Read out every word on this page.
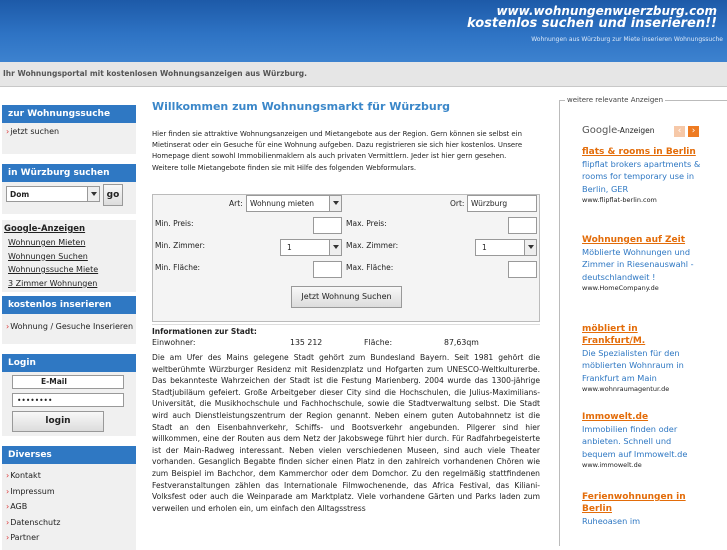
www.wohnungenwuerzburg.com
kostenlos suchen und inserieren!!
Wohnungen aus Würzburg zur Miete inserieren Wohnungssuche
Ihr Wohnungsportal mit kostenlosen Wohnungsanzeigen aus Würzburg.
zur Wohnungssuche
›jetzt suchen
in Würzburg suchen
Dom	go
Google-Anzeigen
Wohnungen Mieten
Wohnungen Suchen
Wohnungssuche Miete
3 Zimmer Wohnungen
kostenlos inserieren
›Wohnung / Gesuche Inserieren
Login
E-Mail
••••••••
login
Diverses
›Kontakt
›Impressum
›AGB
›Datenschutz
›Partner
Willkommen zum Wohnungsmarkt für Würzburg
Hier finden sie attraktive Wohnungsanzeigen und Mietangebote aus der Region. Gern können sie selbst ein Mietinserat oder ein Gesuche für eine Wohnung aufgeben. Dazu registrieren sie sich hier kostenlos. Unsere Homepage dient sowohl Immobilienmaklern als auch privaten Vermittlern. Jeder ist hier gern gesehen.
Weitere tolle Mietangebote finden sie mit Hilfe des folgenden Webformulars.
Art: Wohnung mieten	Ort: Würzburg
Min. Preis:	Max. Preis:
Min. Zimmer:	1	Max. Zimmer:	1
Min. Fläche:	Max. Fläche:
Jetzt Wohnung Suchen
Informationen zur Stadt:
Einwohner:	135 212	Fläche:	87,63qm
Die am Ufer des Mains gelegene Stadt gehört zum Bundesland Bayern. Seit 1981 gehört die weltberühmte Würzburger Residenz mit Residenzplatz und Hofgarten zum UNESCO-Weltkulturerbe. Das bekannteste Wahrzeichen der Stadt ist die Festung Marienberg. 2004 wurde das 1300-jährige Stadtjubiläum gefeiert. Große Arbeitgeber dieser City sind die Hochschulen, die Julius-Maximilians-Universität, die Musikhochschule und Fachhochschule, sowie die Stadtverwaltung selbst. Die Stadt wird auch Dienstleistungszentrum der Region genannt. Neben einem guten Autobahnnetz ist die Stadt an den Eisenbahnverkehr, Schiffs- und Bootsverkehr angebunden. Pilgerer sind hier willkommen, eine der Routen aus dem Netz der Jakobswege führt hier durch. Für Radfahrbegeisterte ist der Main-Radweg interessant. Neben vielen verschiedenen Museen, sind auch viele Theater vorhanden. Gesanglich Begabte finden sicher einen Platz in den zahlreich vorhandenen Chören wie zum Beispiel im Bachchor, dem Kammerchor oder dem Domchor. Zu den regelmäßig stattfindenen Festveranstaltungen zählen das Internationale Filmwochenende, das Africa Festival, das Kiliani-Volksfest oder auch die Weinparade am Marktplatz. Viele vorhandene Gärten und Parks laden zum verweilen und erholen ein, um einfach den Alltagsstress
weitere relevante Anzeigen
Google-Anzeigen	‹	›
flats & rooms in Berlin
flipflat brokers apartments & rooms for temporary use in Berlin, GER
www.flipflat-berlin.com
Wohnungen auf Zeit
Möblierte Wohnungen und Zimmer in Riesenauswahl - deutschlandweit !
www.HomeCompany.de
möbliert in Frankfurt/M.
Die Spezialisten für den möblierten Wohnraum in Frankfurt am Main
www.wohnraumagentur.de
Immowelt.de
Immobilien finden oder anbieten. Schnell und bequem auf Immowelt.de
www.immowelt.de
Ferienwohnungen in Berlin
Ruheoasen im
